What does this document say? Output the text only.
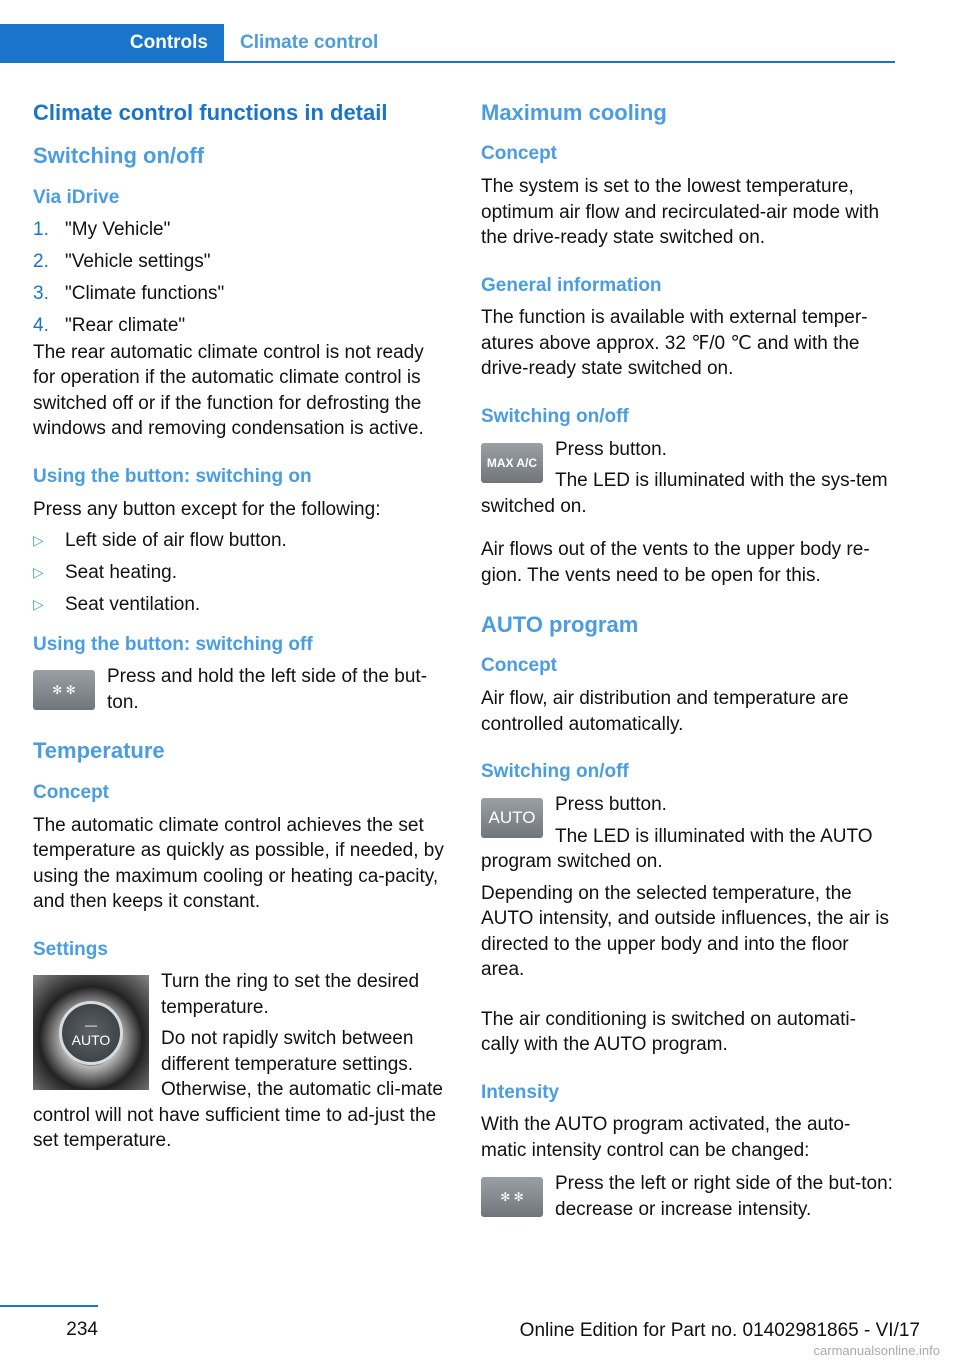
Controls	Climate control
Climate control functions in detail
Switching on/off
Via iDrive
1. "My Vehicle"
2. "Vehicle settings"
3. "Climate functions"
4. "Rear climate"

The rear automatic climate control is not ready for operation if the automatic climate control is switched off or if the function for defrosting the windows and removing condensation is active.

Using the button: switching on

Press any button except for the following:

▷ Left side of air flow button.
▷ Seat heating.
▷ Seat ventilation.
Using the button: switching off
✻ ✻

Press and hold the left side of the but-ton.

Temperature
Concept

The automatic climate control achieves the set temperature as quickly as possible, if needed, by using the maximum cooling or heating ca-pacity, and then keeps it constant.

Settings
—
AUTO

Turn the ring to set the desired temperature.

Do not rapidly switch between different temperature settings. Otherwise, the automatic cli-mate control will not have sufficient time to ad-just the set temperature.

Maximum cooling
Concept

The system is set to the lowest temperature, optimum air flow and recirculated-air mode with the drive-ready state switched on.

General information

The function is available with external temper-atures above approx. 32 ℉/0 ℃ and with the drive-ready state switched on.

Switching on/off
MAX A/C

Press button.

The LED is illuminated with the sys-tem switched on.

Air flows out of the vents to the upper body re-gion. The vents need to be open for this.

AUTO program
Concept

Air flow, air distribution and temperature are controlled automatically.

Switching on/off
AUTO

Press button.

The LED is illuminated with the AUTO program switched on.

Depending on the selected temperature, the AUTO intensity, and outside influences, the air is directed to the upper body and into the floor area.

The air conditioning is switched on automati-cally with the AUTO program.

Intensity

With the AUTO program activated, the auto-matic intensity control can be changed:

✻ ✻

Press the left or right side of the but-ton: decrease or increase intensity.

234	Online Edition for Part no. 01402981865 - VI/17
carmanualsonline.info
